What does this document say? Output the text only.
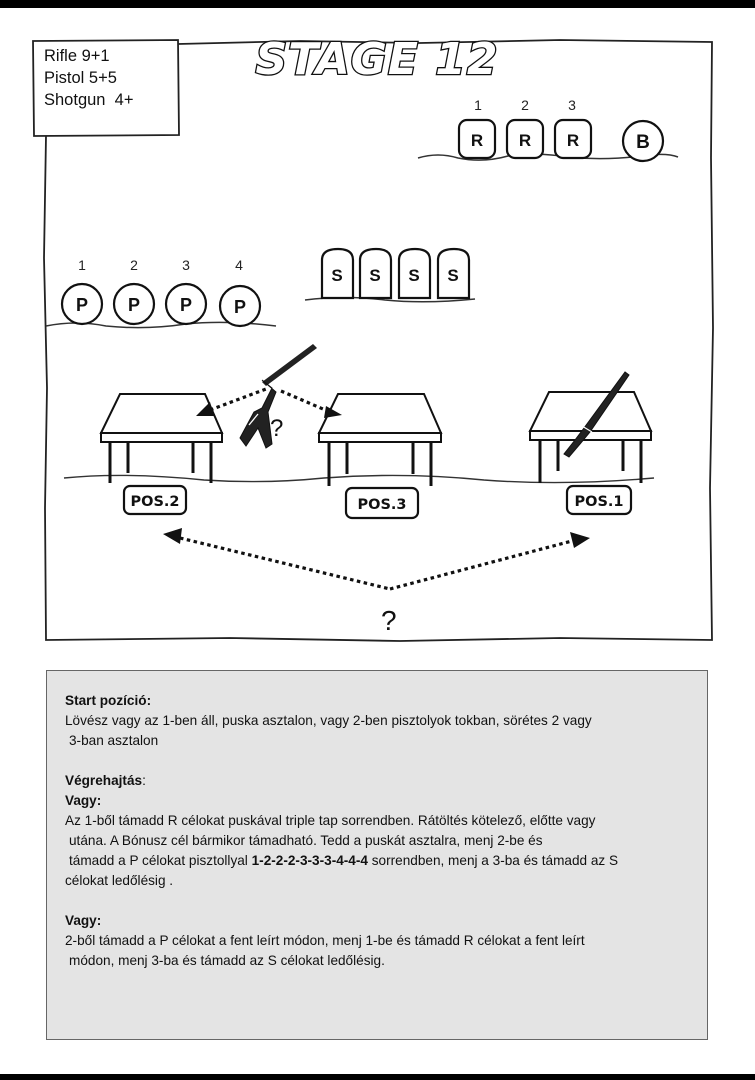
Rifle 9+1
Pistol 5+5
Shotgun  4+
STAGE 12
1	2	3
R R R	B
1	2	3	4
P P P P
S S S S
POS.2	POS.3	POS.1
?
?

Start pozíció:

Lövész vagy az 1-ben áll, puska asztalon, vagy 2-ben pisztolyok tokban, sörétes 2 vagy

3-ban asztalon

Végrehajtás:

Vagy:

Az 1-ből támadd R célokat puskával triple tap sorrendben. Rátöltés kötelező, előtte vagy

utána. A Bónusz cél bármikor támadható. Tedd a puskát asztalra, menj 2-be és

támadd a P célokat pisztollyal 1-2-2-2-3-3-3-4-4-4 sorrendben, menj a 3-ba és támadd az S

célokat ledőlésig .

Vagy:

2-ből támadd a P célokat a fent leírt módon, menj 1-be és támadd R célokat a fent leírt

módon, menj 3-ba és támadd az S célokat ledőlésig.
